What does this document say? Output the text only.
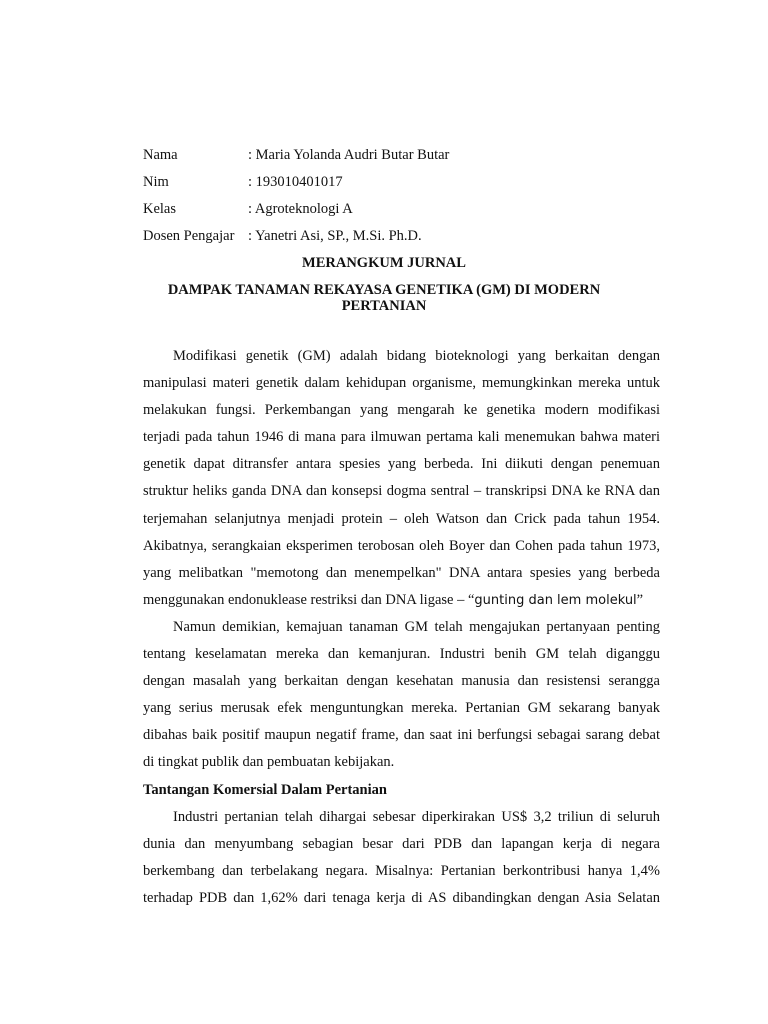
Nama	: Maria Yolanda Audri Butar Butar
Nim	: 193010401017
Kelas	: Agroteknologi A
Dosen Pengajar : Yanetri Asi, SP., M.Si. Ph.D.
MERANGKUM JURNAL
DAMPAK TANAMAN REKAYASA GENETIKA (GM) DI MODERN PERTANIAN
Modifikasi genetik (GM) adalah bidang bioteknologi yang berkaitan dengan
manipulasi materi genetik dalam kehidupan organisme, memungkinkan mereka untuk
melakukan fungsi. Perkembangan yang mengarah ke genetika modern modifikasi
terjadi pada tahun 1946 di mana para ilmuwan pertama kali menemukan bahwa materi
genetik dapat ditransfer antara spesies yang berbeda. Ini diikuti dengan penemuan
struktur heliks ganda DNA dan konsepsi dogma sentral – transkripsi DNA ke RNA dan
terjemahan selanjutnya menjadi protein – oleh Watson dan Crick pada tahun 1954.
Akibatnya, serangkaian eksperimen terobosan oleh Boyer dan Cohen pada tahun 1973,
yang melibatkan "memotong dan menempelkan" DNA antara spesies yang berbeda
menggunakan endonuklease restriksi dan DNA ligase – “gunting dan lem molekul”
Namun demikian, kemajuan tanaman GM telah mengajukan pertanyaan penting
tentang keselamatan mereka dan kemanjuran. Industri benih GM telah diganggu
dengan masalah yang berkaitan dengan kesehatan manusia dan resistensi serangga
yang serius merusak efek menguntungkan mereka. Pertanian GM sekarang banyak
dibahas baik positif maupun negatif frame, dan saat ini berfungsi sebagai sarang debat
di tingkat publik dan pembuatan kebijakan.
Tantangan Komersial Dalam Pertanian
Industri pertanian telah dihargai sebesar diperkirakan US$ 3,2 triliun di seluruh
dunia dan menyumbang sebagian besar dari PDB dan lapangan kerja di negara
berkembang dan terbelakang negara. Misalnya: Pertanian berkontribusi hanya 1,4%
terhadap PDB dan 1,62% dari tenaga kerja di AS dibandingkan dengan Asia Selatan
